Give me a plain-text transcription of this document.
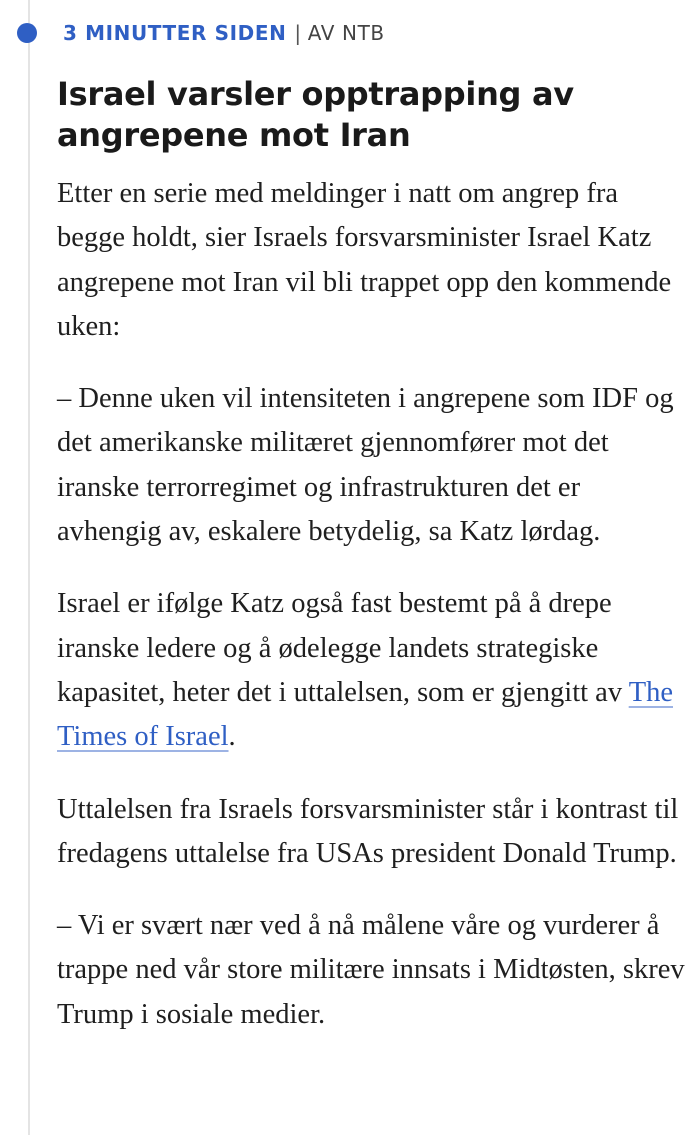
3 MINUTTER SIDEN | AV NTB
Israel varsler opptrapping av angrepene mot Iran

Etter en serie med meldinger i natt om angrep fra begge holdt, sier Israels forsvarsminister Israel Katz angrepene mot Iran vil bli trappet opp den kommende uken:

– Denne uken vil intensiteten i angrepene som IDF og det amerikanske militæret gjennomfører mot det iranske terrorregimet og infrastrukturen det er avhengig av, eskalere betydelig, sa Katz lørdag.

Israel er ifølge Katz også fast bestemt på å drepe iranske ledere og å ødelegge landets strategiske kapasitet, heter det i uttalelsen, som er gjengitt av The Times of Israel.

Uttalelsen fra Israels forsvarsminister står i kontrast til fredagens uttalelse fra USAs president Donald Trump.

– Vi er svært nær ved å nå målene våre og vurderer å trappe ned vår store militære innsats i Midtøsten, skrev Trump i sosiale medier.
